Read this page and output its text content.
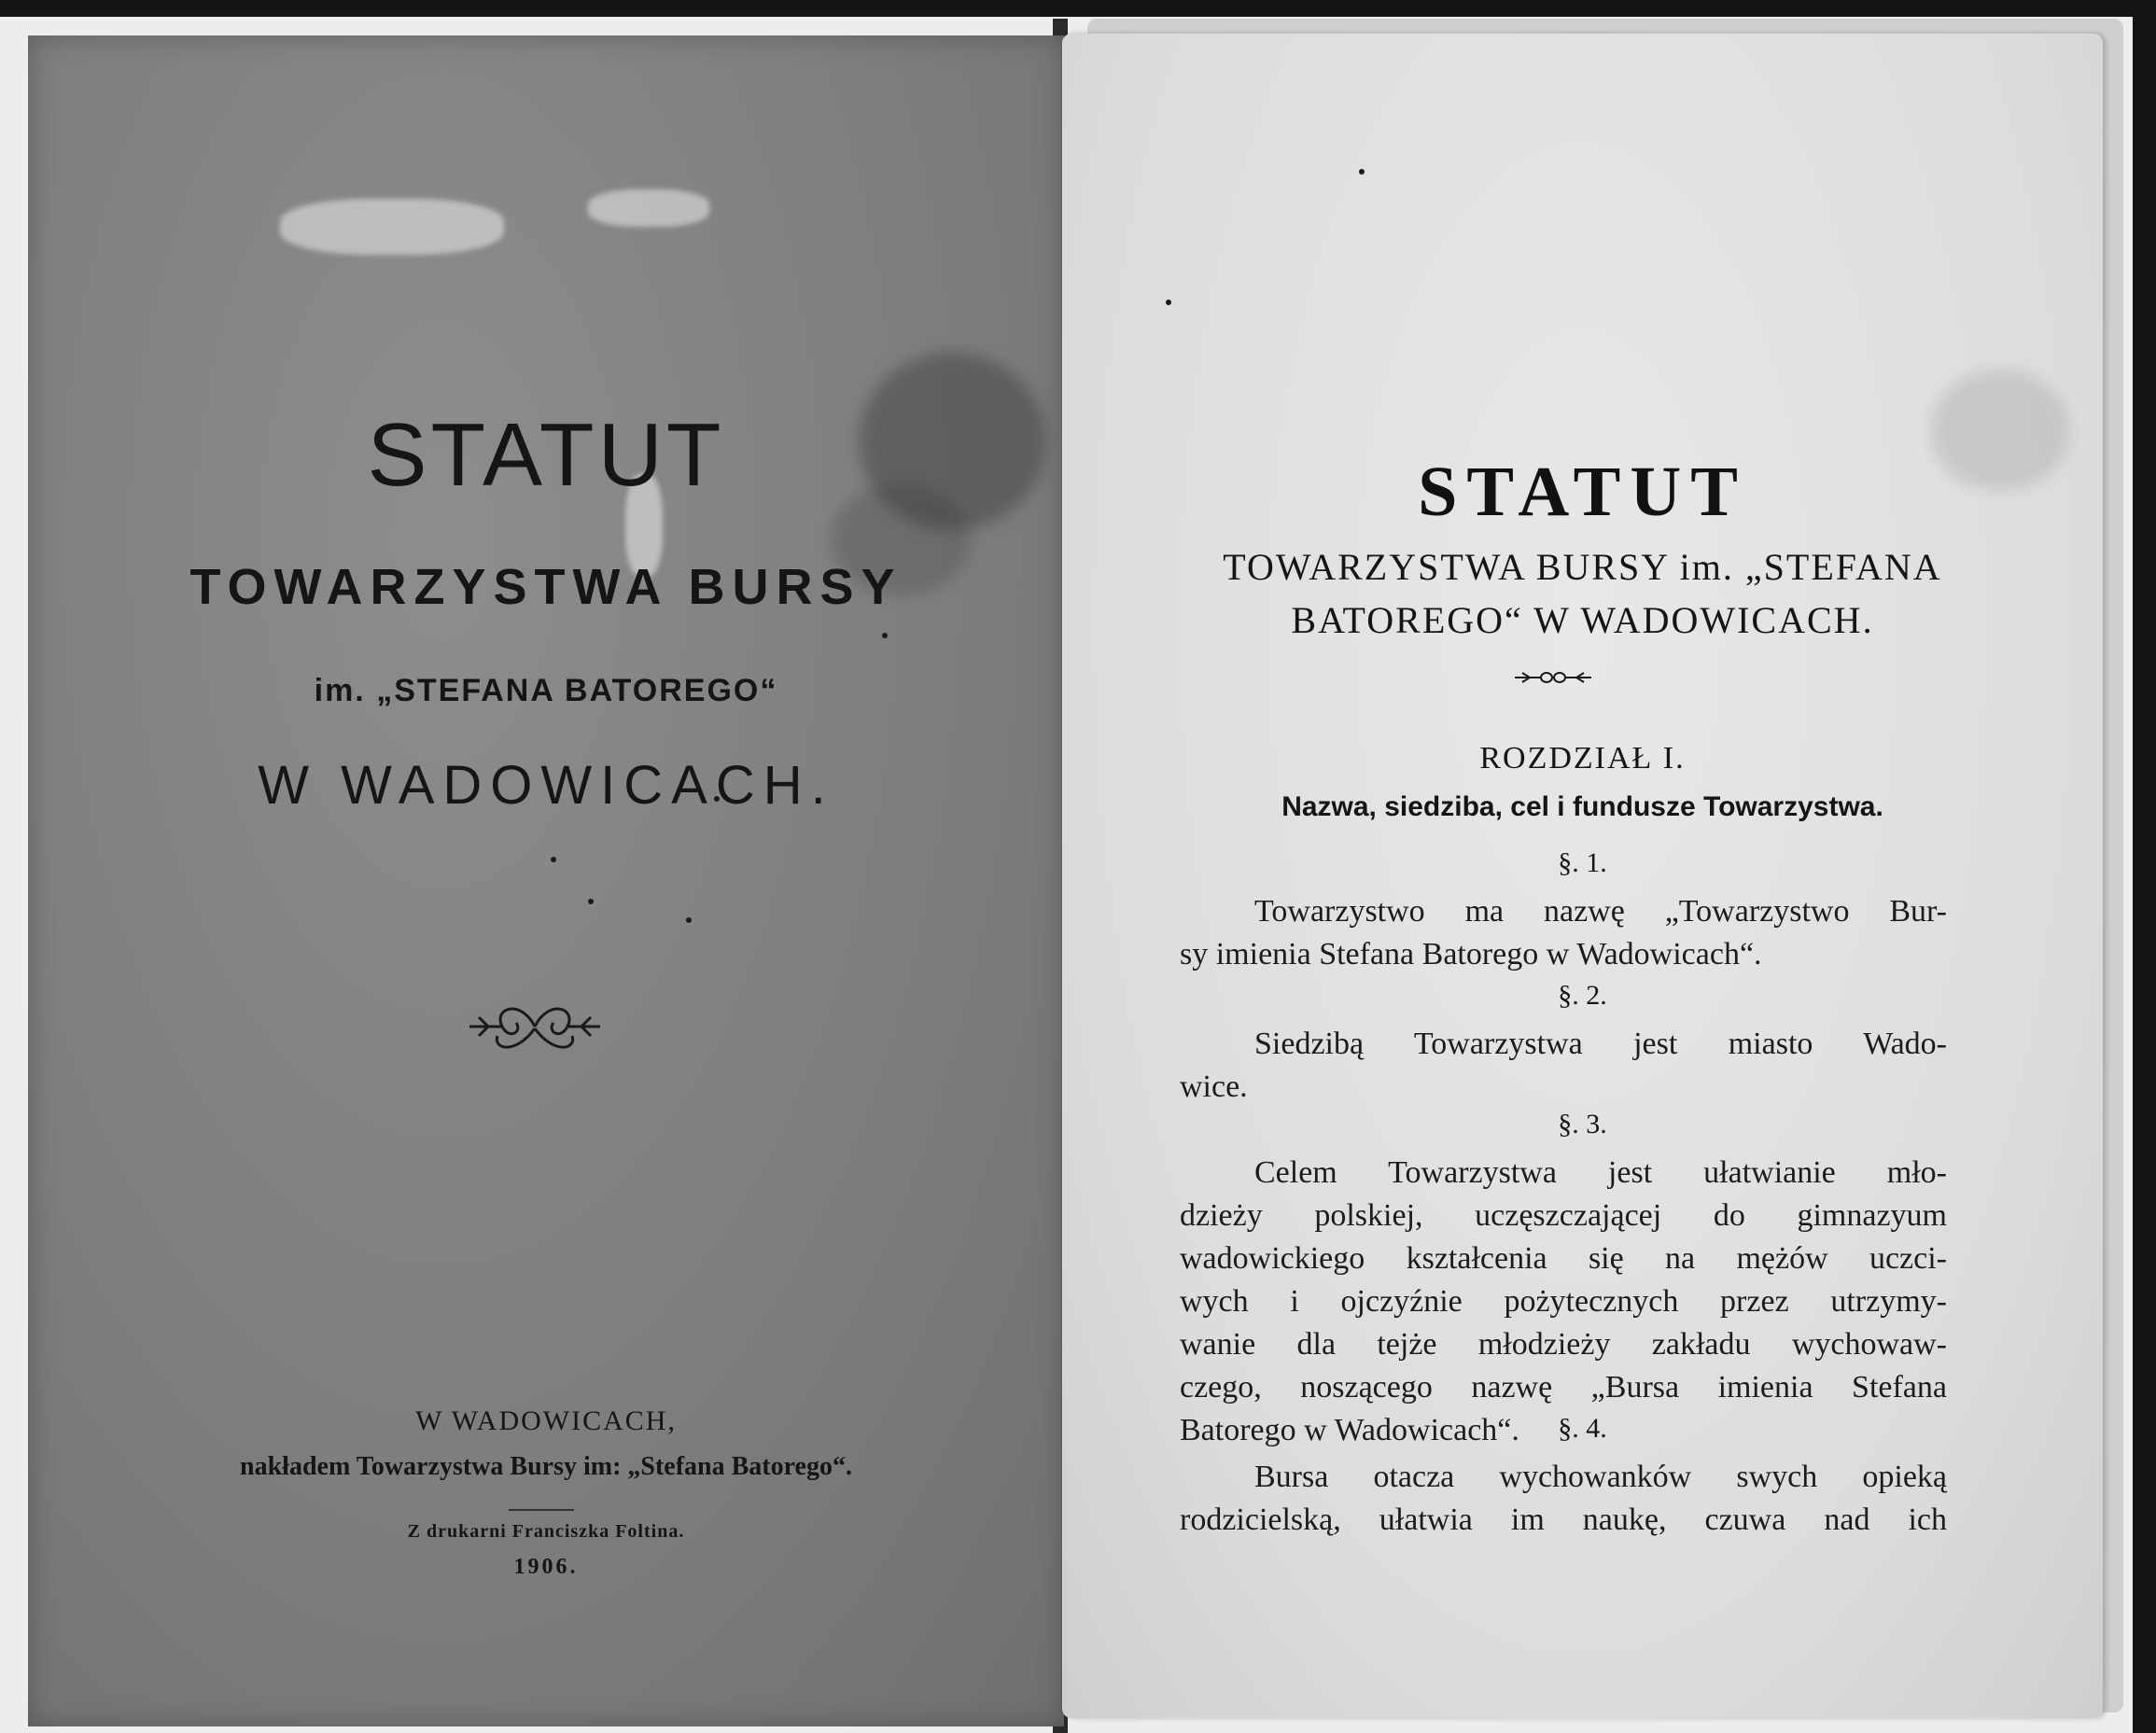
STATUT
TOWARZYSTWA BURSY
im. „STEFANA BATOREGO“
W WADOWICACH.
W WADOWICACH,
nakładem Towarzystwa Bursy im: „Stefana Batorego“.
Z drukarni Franciszka Foltina.
1906.
STATUT
TOWARZYSTWA BURSY im. „STEFANA
BATOREGO“ W WADOWICACH.
ROZDZIAŁ I.
Nazwa, siedziba, cel i fundusze Towarzystwa.
§. 1.
Towarzystwo ma nazwę „Towarzystwo Bur-
sy imienia Stefana Batorego w Wadowicach“.
§. 2.
Siedzibą Towarzystwa jest miasto Wado-
wice.
§. 3.
Celem Towarzystwa jest ułatwianie mło-
dzieży polskiej, uczęszczającej do gimnazyum
wadowickiego kształcenia się na mężów uczci-
wych i ojczyźnie pożytecznych przez utrzymy-
wanie dla tejże młodzieży zakładu wychowaw-
czego, noszącego nazwę „Bursa imienia Stefana
Batorego w Wadowicach“.	§. 4.
Bursa otacza wychowanków swych opieką
rodzicielską, ułatwia im naukę, czuwa nad ich
